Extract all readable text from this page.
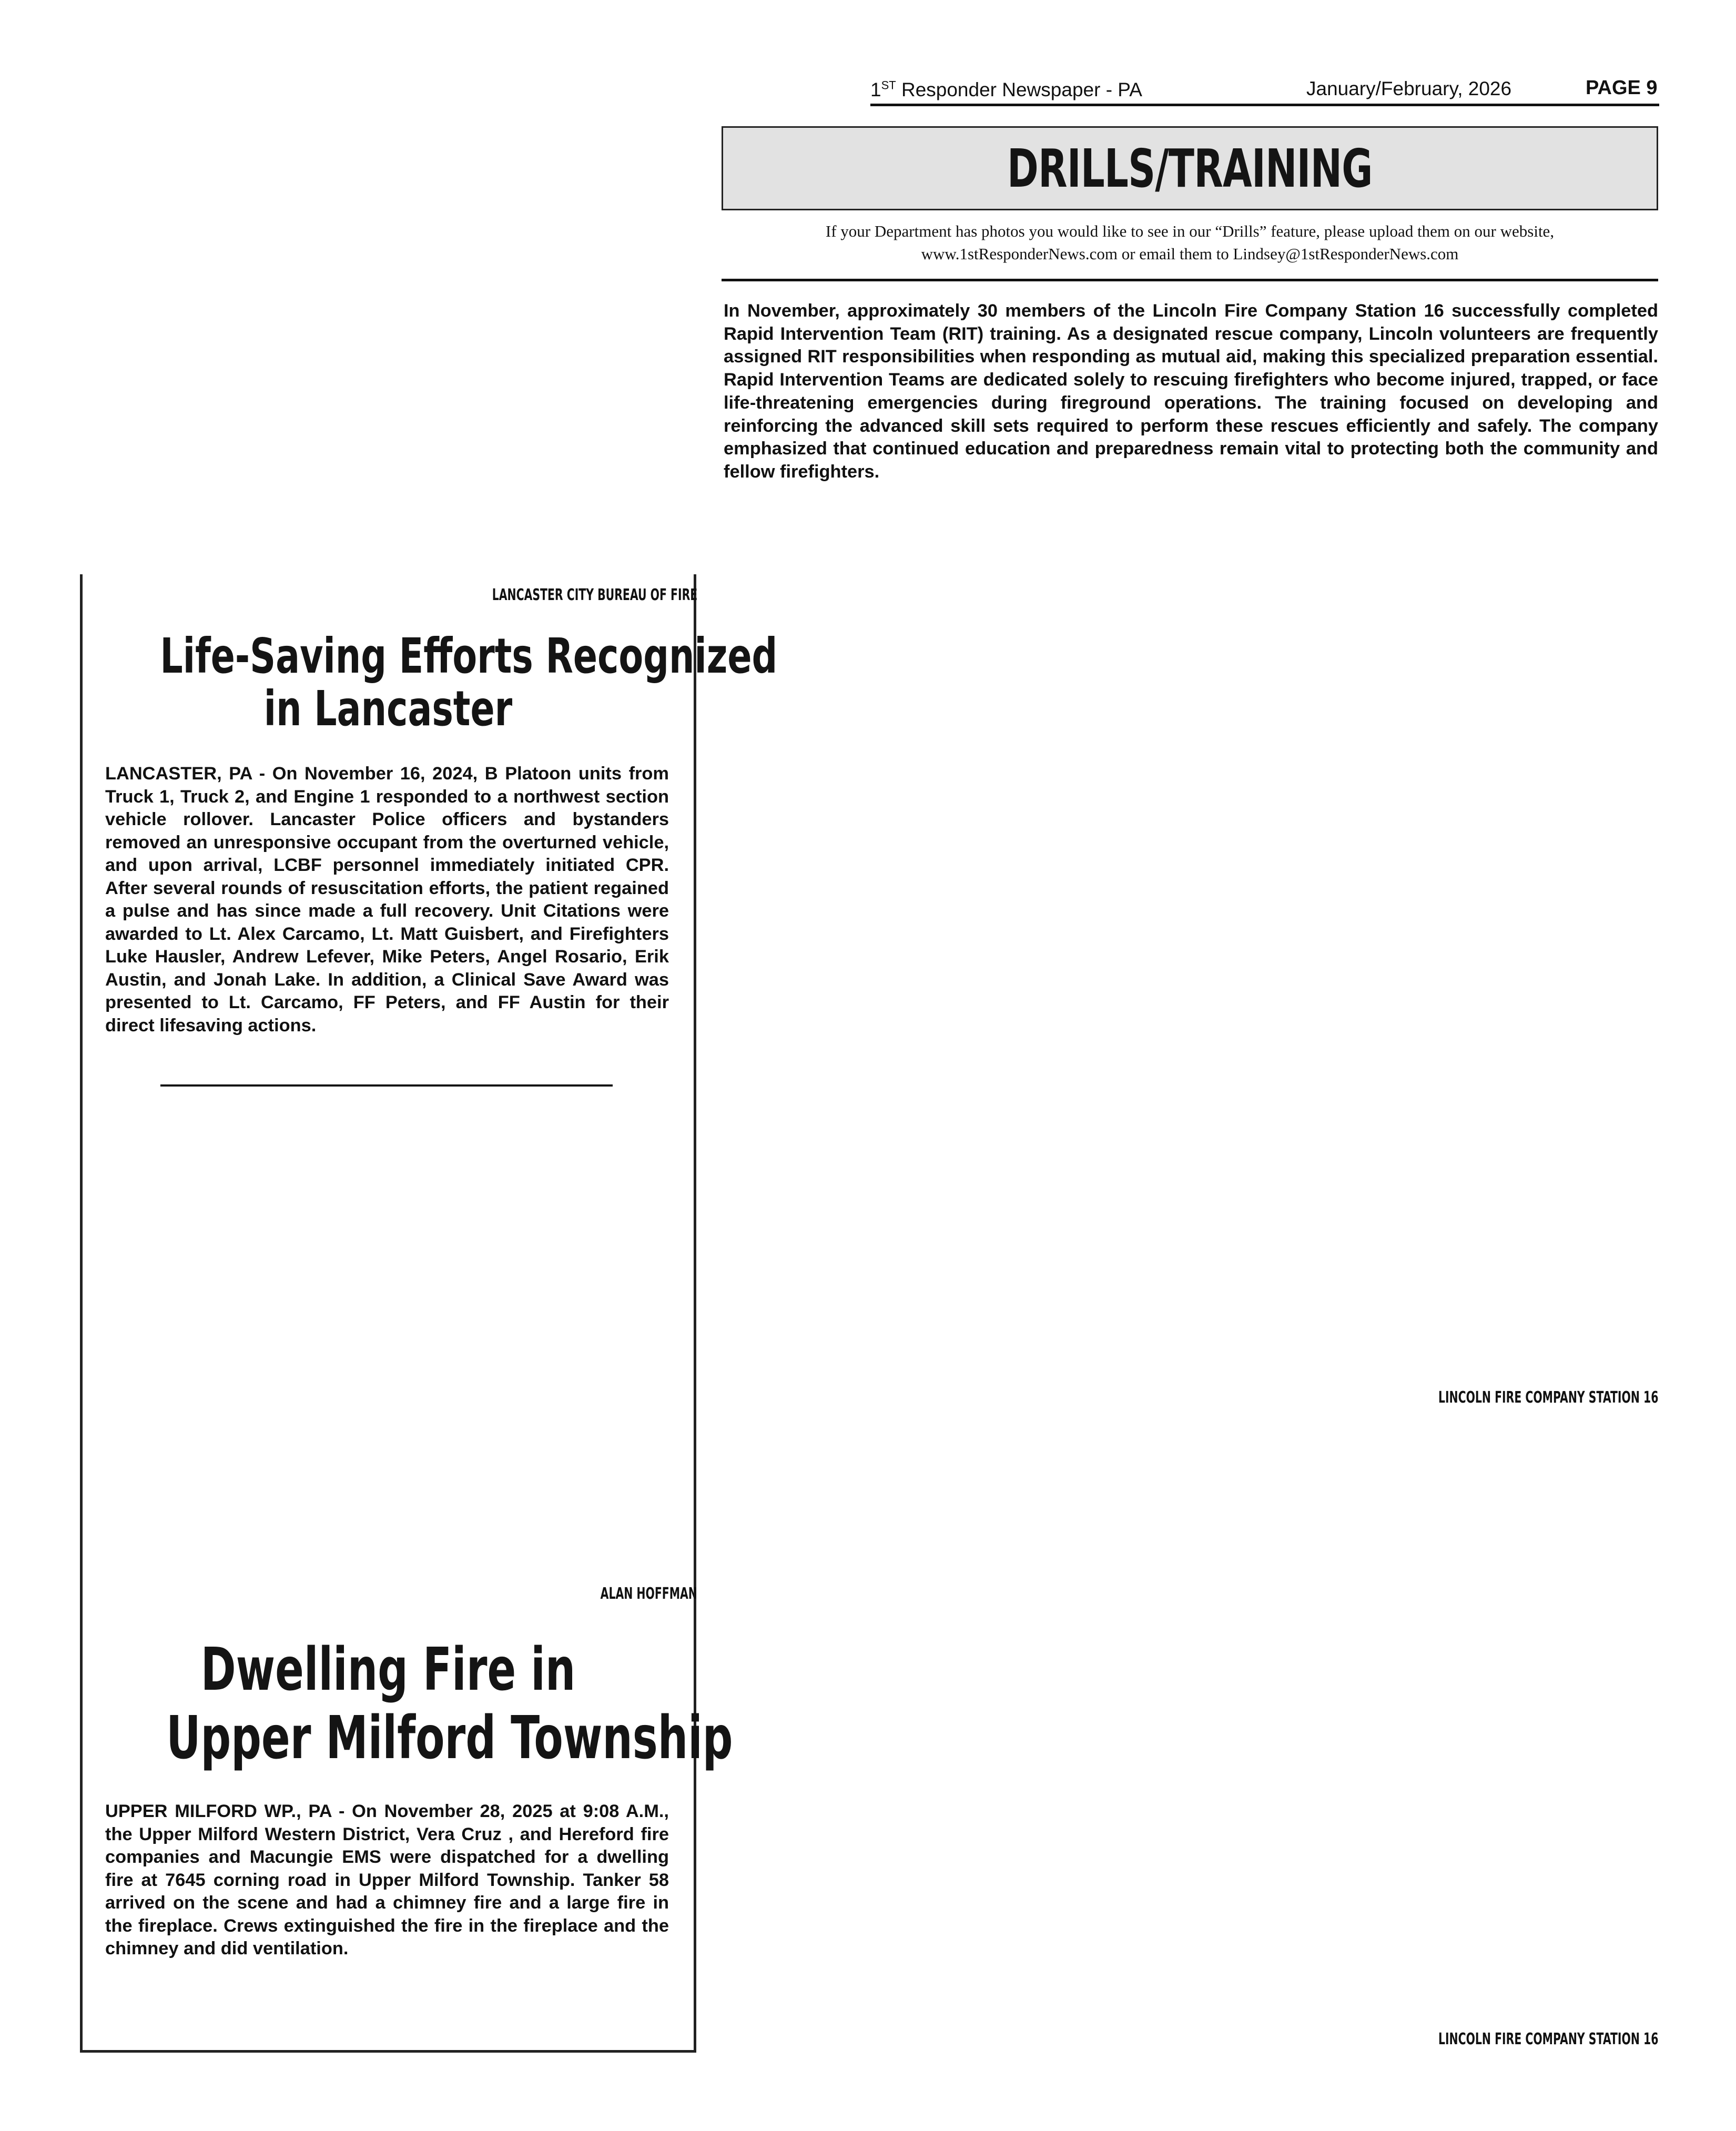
1ST Responder Newspaper - PA	January/February, 2026	PAGE 9
DRILLS/TRAINING
If your Department has photos you would like to see in our “Drills” feature, please upload them on our website,
www.1stResponderNews.com or email them to Lindsey@1stResponderNews.com

In November, approximately 30 members of the Lincoln Fire Company Station 16 successfully completed Rapid Intervention Team (RIT) training. As a designated rescue company, Lincoln volunteers are frequently assigned RIT responsibilities when responding as mutual aid, making this specialized preparation essential. Rapid Intervention Teams are dedicated solely to rescuing firefighters who become injured, trapped, or face life-threatening emergencies during fireground operations. The training focused on developing and reinforcing the advanced skill sets required to perform these rescues efficiently and safely. The company emphasized that continued education and preparedness remain vital to protecting both the community and fellow firefighters.

LANCASTER CITY BUREAU OF FIRE
Life-Saving Efforts Recognized
in Lancaster

LANCASTER, PA - On November 16, 2024, B Platoon units from Truck 1, Truck 2, and Engine 1 responded to a northwest section vehicle rollover. Lancaster Police officers and bystanders removed an unresponsive occupant from the overturned vehicle, and upon arrival, LCBF personnel immediately initiated CPR. After several rounds of resuscitation efforts, the patient regained a pulse and has since made a full recovery. Unit Citations were awarded to Lt. Alex Carcamo, Lt. Matt Guisbert, and Firefighters Luke Hausler, Andrew Lefever, Mike Peters, Angel Rosario, Erik Austin, and Jonah Lake. In addition, a Clinical Save Award was presented to Lt. Carcamo, FF Peters, and FF Austin for their direct lifesaving actions.

ALAN HOFFMAN
Dwelling Fire in
Upper Milford Township

UPPER MILFORD WP., PA - On November 28, 2025 at 9:08 A.M., the Upper Milford Western District, Vera Cruz , and Hereford fire companies and Macungie EMS were dispatched for a dwelling fire at 7645 corning road in Upper Milford Township. Tanker 58 arrived on the scene and had a chimney fire and a large fire in the fireplace. Crews extinguished the fire in the fireplace and the chimney and did ventilation.

LINCOLN FIRE COMPANY STATION 16
LINCOLN FIRE COMPANY STATION 16
